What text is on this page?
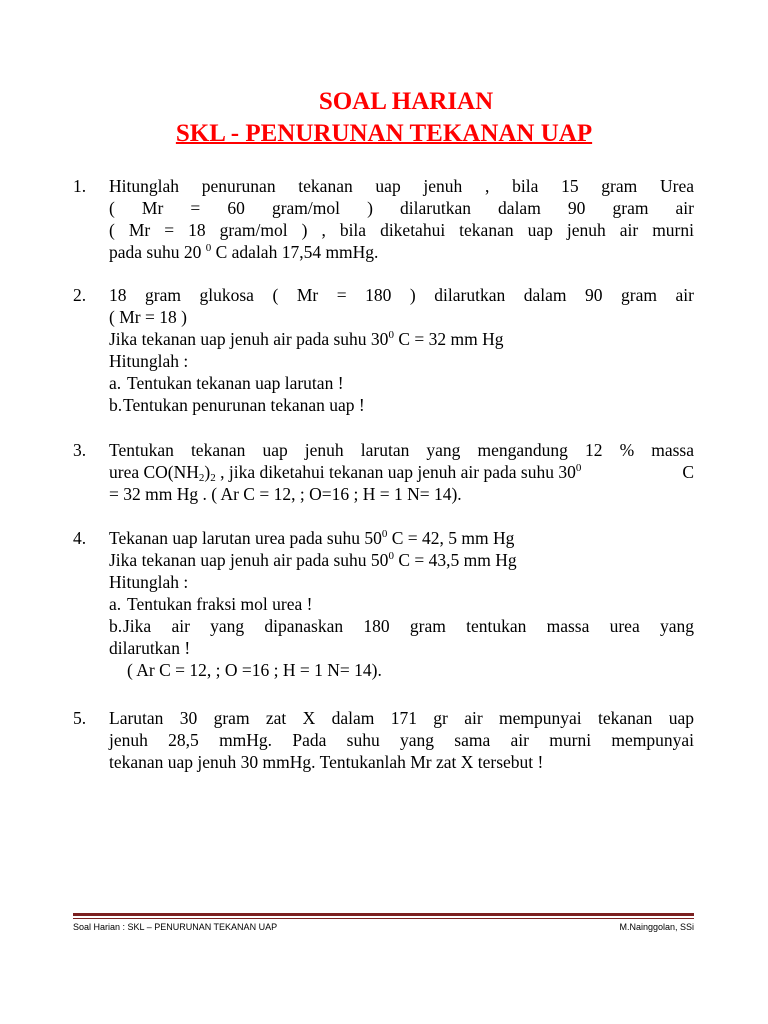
SOAL HARIAN
SKL - PENURUNAN TEKANAN UAP
1.	Hitunglah penurunan tekanan uap jenuh , bila 15 gram Urea
( Mr = 60 gram/mol ) dilarutkan dalam 90 gram air
( Mr = 18 gram/mol ) , bila diketahui tekanan uap jenuh air murni
pada suhu 20 $^0$ C adalah 17,54 mmHg.
2.	18 gram glukosa ( Mr = 180 ) dilarutkan dalam 90 gram air
( Mr = 18 )
Jika tekanan uap jenuh air pada suhu $30^0$ C = 32 mm Hg
Hitunglah :
a. Tentukan tekanan uap larutan !
b.Tentukan penurunan tekanan uap !
3.	Tentukan tekanan uap jenuh larutan yang mengandung 12 % massa
urea $CO(NH_2)_2$ , jika diketahui tekanan uap jenuh air pada suhu $30^0$	C
= 32 mm Hg . ( Ar C = 12, ; O=16 ; H = 1 N= 14).
4.	Tekanan uap larutan urea pada suhu $50^0$ C = 42, 5 mm Hg
Jika tekanan uap jenuh air pada suhu $50^0$ C = 43,5 mm Hg
Hitunglah :
a. Tentukan fraksi mol urea !
b. Jika air yang dipanaskan 180 gram tentukan massa urea yang
dilarutkan !
( Ar C = 12, ; O =16 ; H = 1 N= 14).
5.	Larutan 30 gram zat X dalam 171 gr air mempunyai tekanan uap
jenuh 28,5 mmHg. Pada suhu yang sama air murni mempunyai
tekanan uap jenuh 30 mmHg. Tentukanlah Mr zat X tersebut !
Soal Harian : SKL – PENURUNAN TEKANAN UAP	M.Nainggolan, SSi
